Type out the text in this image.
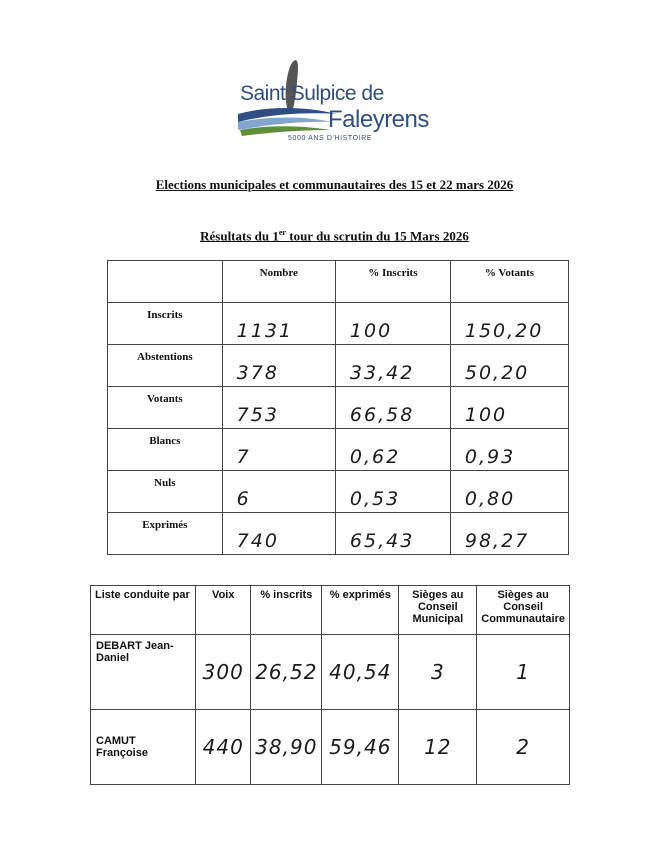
Saint Sulpice de
Faleyrens
5000 ANS D'HISTOIRE
Elections municipales et communautaires des 15 et 22 mars 2026
Résultats du 1er tour du scrutin du 15 Mars 2026
	Nombre	% Inscrits	% Votants
Inscrits	1131	100	150,20
Abstentions	378	33,42	50,20
Votants	753	66,58	100
Blancs	7	0,62	0,93
Nuls	6	0,53	0,80
Exprimés	740	65,43	98,27
Liste conduite par	Voix	% inscrits	% exprimés	Sièges au Conseil Municipal	Sièges au Conseil Communautaire
DEBART Jean-Daniel	300	26,52	40,54	3	1
CAMUT Françoise	440	38,90	59,46	12	2
